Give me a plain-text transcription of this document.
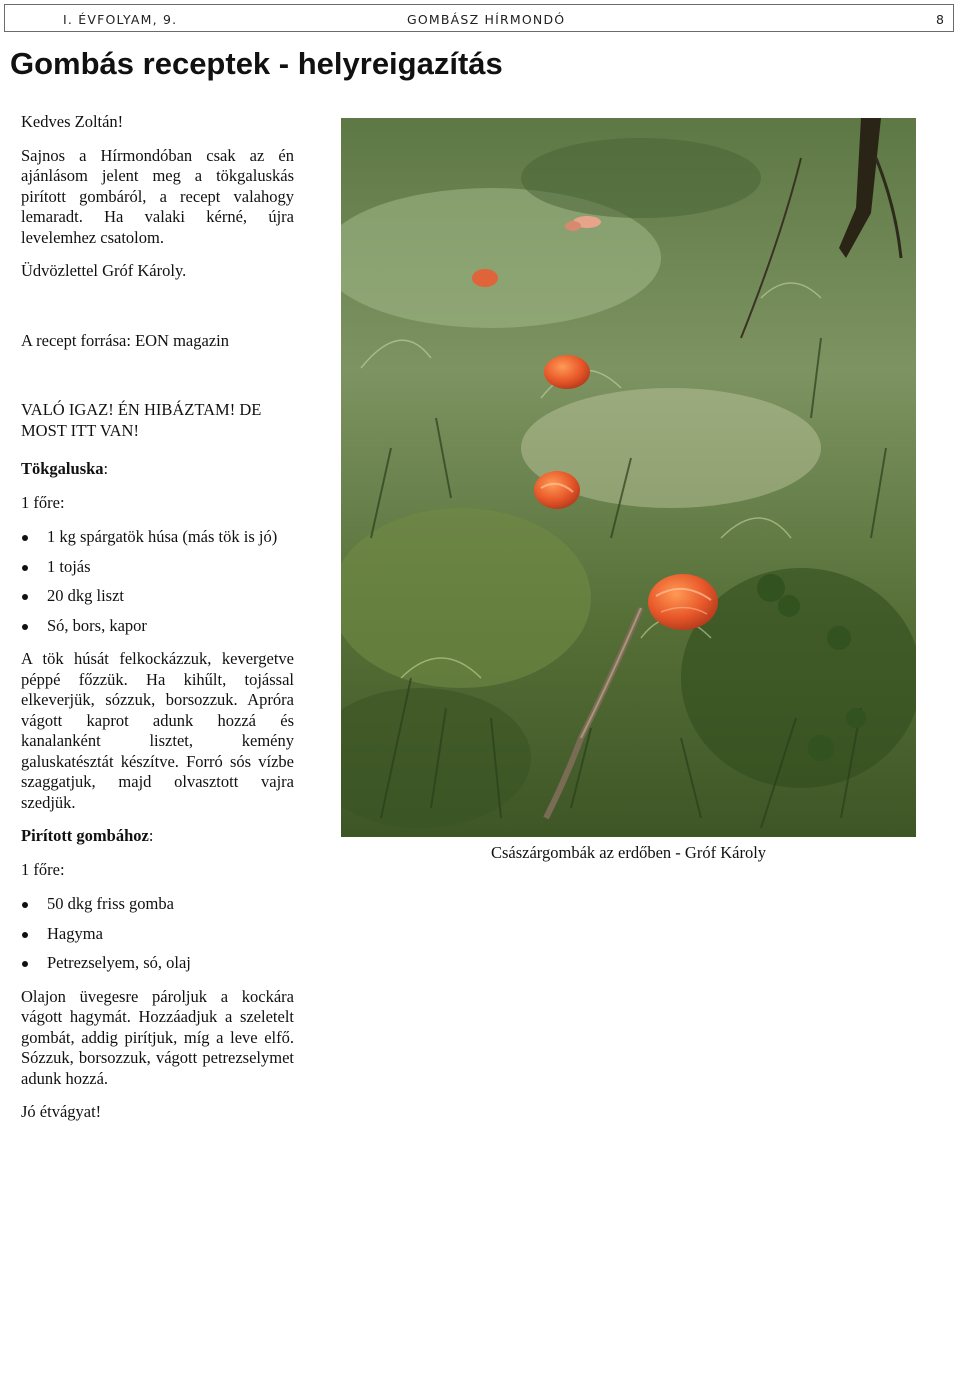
I. ÉVFOLYAM, 9.	GOMBÁSZ HÍRMONDÓ	8
Gombás receptek - helyreigazítás

Kedves Zoltán!

Sajnos a Hírmondóban csak az én ajánlásom jelent meg a tökgaluskás pirított gombáról, a recept valahogy lemaradt. Ha valaki kérné, újra levelemhez csatolom.

Üdvözlettel Gróf Károly.

A recept forrása: EON magazin

VALÓ IGAZ! ÉN HIBÁZTAM! DE MOST ITT VAN!

Tökgaluska:

1 főre:

1 kg spárgatök húsa (más tök is jó)
1 tojás
20 dkg liszt
Só, bors, kapor

A tök húsát felkockázzuk, kevergetve péppé főzzük. Ha kihűlt, tojással elkeverjük, sózzuk, borsozzuk. Apróra vágott kaprot adunk hozzá és kanalanként lisztet, kemény galuskatésztát készítve. Forró sós vízbe szaggatjuk, majd olvasztott vajra szedjük.

Pirított gombához:

1 főre:

50 dkg friss gomba
Hagyma
Petrezselyem, só, olaj

Olajon üvegesre pároljuk a kockára vágott hagymát. Hozzáadjuk a szeletelt gombát, addig pirítjuk, míg a leve elfő. Sózzuk, borsozzuk, vágott petrezselymet adunk hozzá.

Jó étvágyat!

Császárgombák az erdőben - Gróf Károly
